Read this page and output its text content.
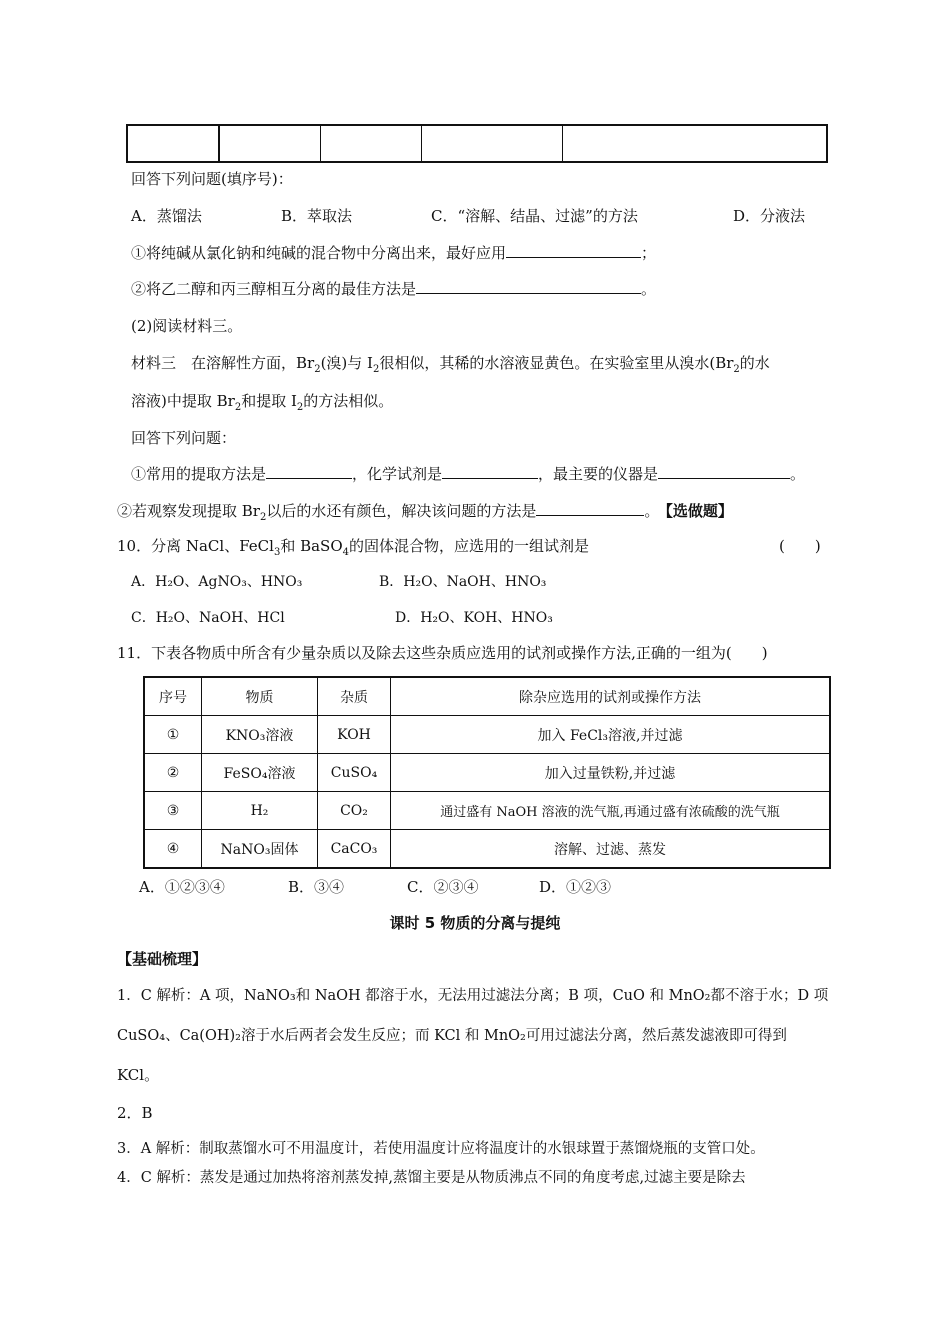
回答下列问题(填序号)：
A．蒸馏法	B．萃取法	C．“溶解、结晶、过滤”的方法	D．分液法
①将纯碱从氯化钠和纯碱的混合物中分离出来，最好应用	；
②将乙二醇和丙三醇相互分离的最佳方法是	。
(2)阅读材料三。
材料三　在溶解性方面，$Br_2$(溴)与 $I_2$很相似，其稀的水溶液显黄色。在实验室里从溴水($Br_2$的水
溶液)中提取 $Br_2$和提取 $I_2$的方法相似。
回答下列问题：
①常用的提取方法是	，化学试剂是	，最主要的仪器是	。
②若观察发现提取 $Br_2$以后的水还有颜色，解决该问题的方法是	。 【选做题】
10．分离 NaCl、FeCl$_3$和 BaSO$_4$的固体混合物，应选用的一组试剂是	(　　)
A．H₂O、AgNO₃、HNO₃	B．H₂O、NaOH、HNO₃
C．H₂O、NaOH、HCl	D．H₂O、KOH、HNO₃
11．下表各物质中所含有少量杂质以及除去这些杂质应选用的试剂或操作方法,正确的一组为(　　)
序号	物质	杂质	除杂应选用的试剂或操作方法
①	KNO₃溶液	KOH	加入 FeCl₃溶液,并过滤
②	FeSO₄溶液	CuSO₄	加入过量铁粉,并过滤
③	H₂	CO₂	通过盛有 NaOH 溶液的洗气瓶,再通过盛有浓硫酸的洗气瓶
④	NaNO₃固体	CaCO₃	溶解、过滤、蒸发
A．①②③④	B．③④	C．②③④	D．①②③
课时 5 物质的分离与提纯
【基础梳理】
1．C 解析：A 项，NaNO₃和 NaOH 都溶于水，无法用过滤法分离；B 项，CuO 和 MnO₂都不溶于水；D 项
CuSO₄、Ca(OH)₂溶于水后两者会发生反应；而 KCl 和 MnO₂可用过滤法分离，然后蒸发滤液即可得到
KCl。
2．B
3．A 解析：制取蒸馏水可不用温度计，若使用温度计应将温度计的水银球置于蒸馏烧瓶的支管口处。
4．C 解析：蒸发是通过加热将溶剂蒸发掉,蒸馏主要是从物质沸点不同的角度考虑,过滤主要是除去
